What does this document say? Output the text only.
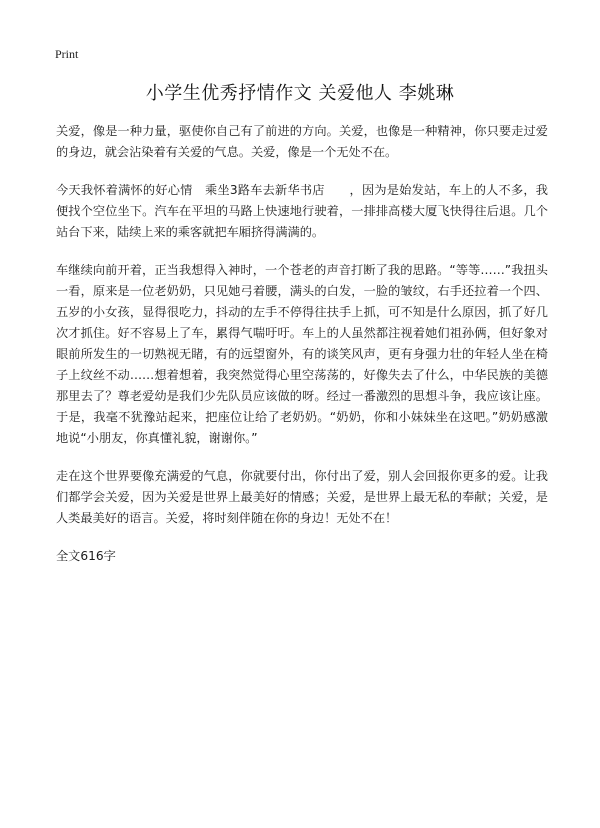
Print
小学生优秀抒情作文 关爱他人 李姚琳

关爱，像是一种力量，驱使你自己有了前进的方向。关爱，也像是一种精神，你只要走过爱的身边，就会沾染着有关爱的气息。关爱，像是一个无处不在。

今天我怀着满怀的好心情　乘坐3路车去新华书店　　，因为是始发站，车上的人不多，我便找个空位坐下。汽车在平坦的马路上快速地行驶着，一排排高楼大厦飞快得往后退。几个站台下来，陆续上来的乘客就把车厢挤得满满的。

车继续向前开着，正当我想得入神时，一个苍老的声音打断了我的思路。“等等……”我扭头一看，原来是一位老奶奶，只见她弓着腰，满头的白发，一脸的皱纹，右手还拉着一个四、五岁的小女孩，显得很吃力，抖动的左手不停得往扶手上抓，可不知是什么原因，抓了好几次才抓住。好不容易上了车，累得气喘吁吁。车上的人虽然都注视着她们祖孙俩，但好象对眼前所发生的一切熟视无睹，有的远望窗外，有的谈笑风声，更有身强力壮的年轻人坐在椅子上纹丝不动……想着想着，我突然觉得心里空荡荡的，好像失去了什么，中华民族的美德那里去了？尊老爱幼是我们少先队员应该做的呀。经过一番激烈的思想斗争，我应该让座。于是，我毫不犹豫站起来，把座位让给了老奶奶。“奶奶，你和小妹妹坐在这吧。”奶奶感激地说“小朋友，你真懂礼貌，谢谢你。”

走在这个世界要像充满爱的气息，你就要付出，你付出了爱，别人会回报你更多的爱。让我们都学会关爱，因为关爱是世界上最美好的情感；关爱，是世界上最无私的奉献；关爱，是人类最美好的语言。关爱，将时刻伴随在你的身边！无处不在！

全文616字
